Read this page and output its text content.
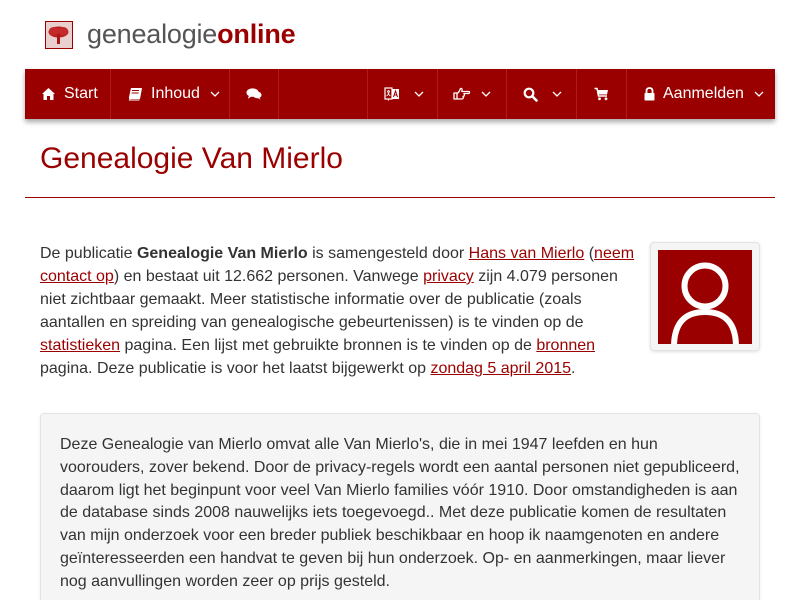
genealogieonline
Start	Inhoud	Aanmelden
Genealogie Van Mierlo

De publicatie Genealogie Van Mierlo is samengesteld door Hans van Mierlo (neem contact op) en bestaat uit 12.662 personen. Vanwege privacy zijn 4.079 personen niet zichtbaar gemaakt. Meer statistische informatie over de publicatie (zoals aantallen en spreiding van genealogische gebeurtenissen) is te vinden op de statistieken pagina. Een lijst met gebruikte bronnen is te vinden op de bronnen pagina. Deze publicatie is voor het laatst bijgewerkt op zondag 5 april 2015.

Deze Genealogie van Mierlo omvat alle Van Mierlo's, die in mei 1947 leefden en hun voorouders, zover bekend. Door de privacy-regels wordt een aantal personen niet gepubliceerd, daarom ligt het beginpunt voor veel Van Mierlo families vóór 1910. Door omstandigheden is aan de database sinds 2008 nauwelijks iets toegevoegd.. Met deze publicatie komen de resultaten van mijn onderzoek voor een breder publiek beschikbaar en hoop ik naamgenoten en andere geïnteresseerden een handvat te geven bij hun onderzoek. Op- en aanmerkingen, maar liever nog aanvullingen worden zeer op prijs gesteld.
